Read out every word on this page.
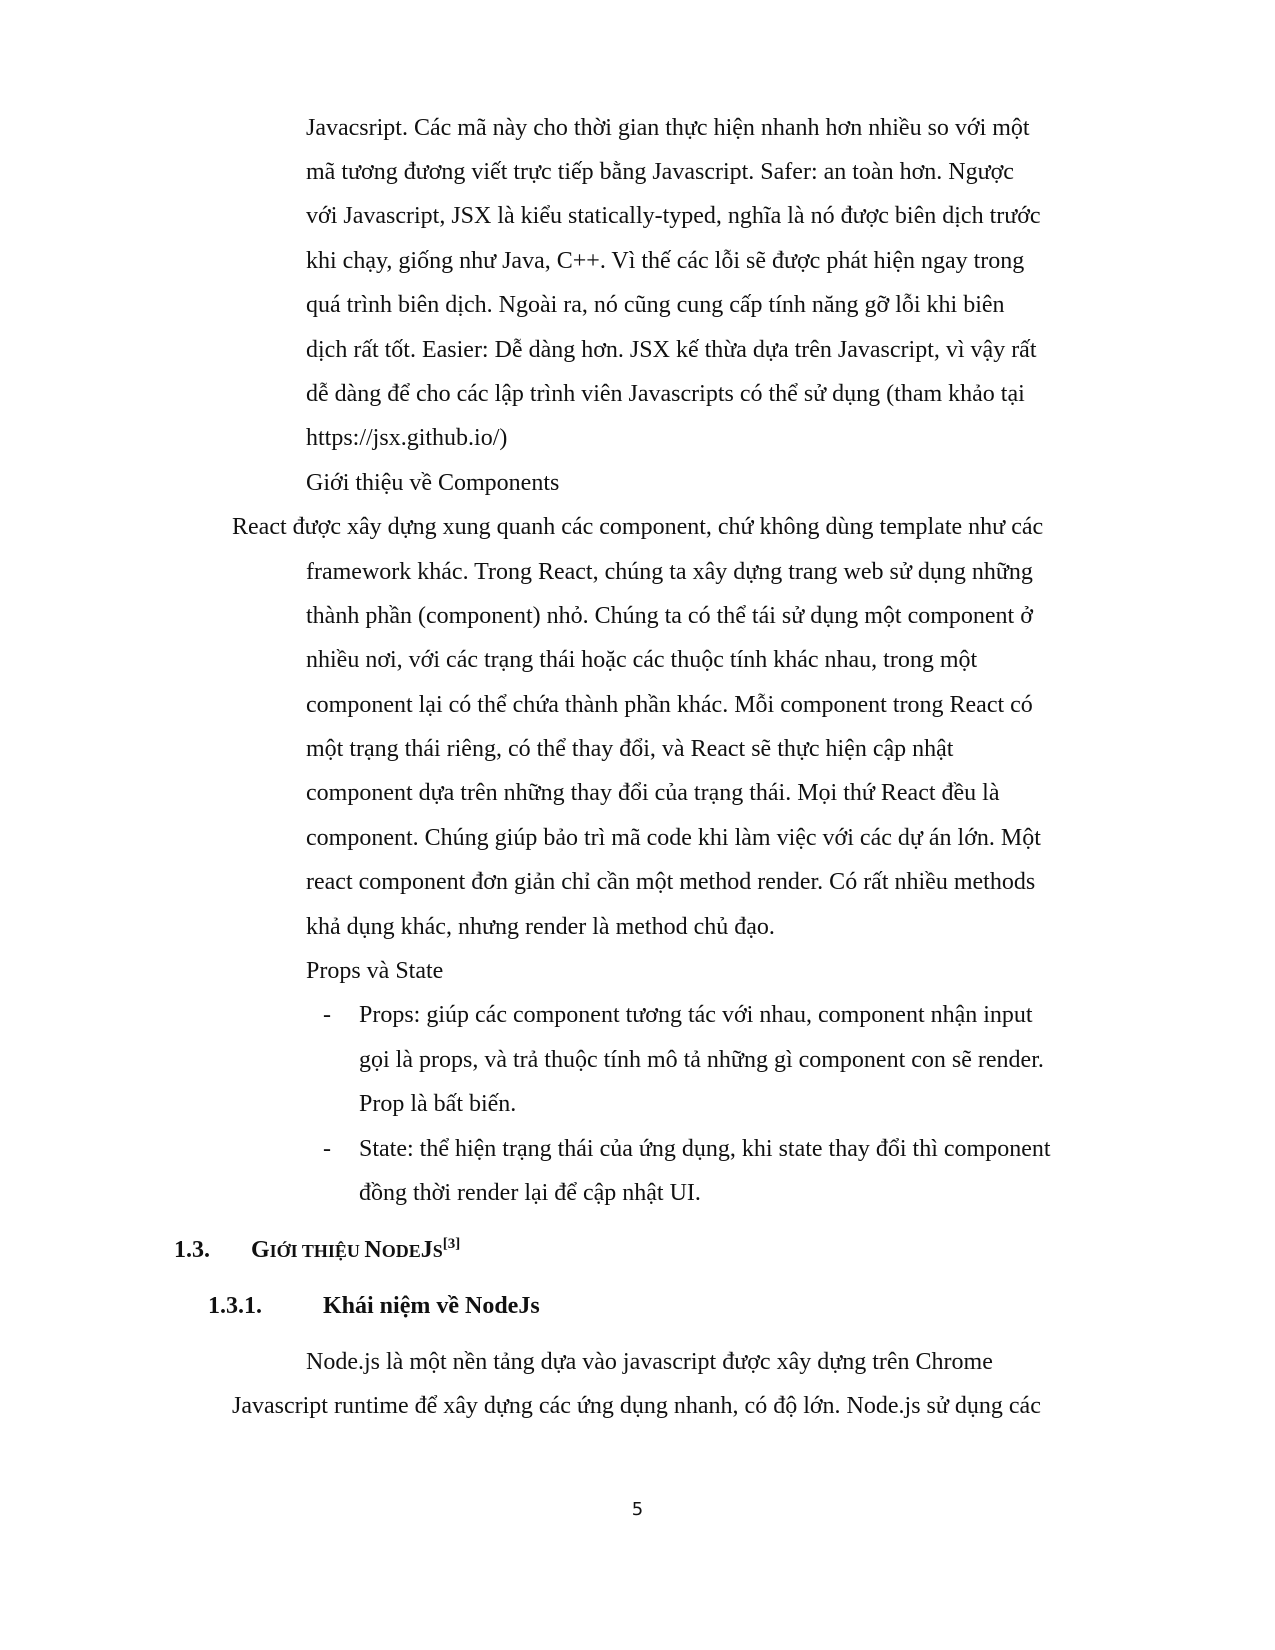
Javacsript. Các mã này cho thời gian thực hiện nhanh hơn nhiều so với một

mã tương đương viết trực tiếp bằng Javascript. Safer: an toàn hơn. Ngược

với Javascript, JSX là kiểu statically-typed, nghĩa là nó được biên dịch trước

khi chạy, giống như Java, C++. Vì thế các lỗi sẽ được phát hiện ngay trong

quá trình biên dịch. Ngoài ra, nó cũng cung cấp tính năng gỡ lỗi khi biên

dịch rất tốt. Easier: Dễ dàng hơn. JSX kế thừa dựa trên Javascript, vì vậy rất

dễ dàng để cho các lập trình viên Javascripts có thể sử dụng (tham khảo tại

https://jsx.github.io/)

Giới thiệu về Components

React được xây dựng xung quanh các component, chứ không dùng template như các

framework khác. Trong React, chúng ta xây dựng trang web sử dụng những

thành phần (component) nhỏ. Chúng ta có thể tái sử dụng một component ở

nhiều nơi, với các trạng thái hoặc các thuộc tính khác nhau, trong một

component lại có thể chứa thành phần khác. Mỗi component trong React có

một trạng thái riêng, có thể thay đổi, và React sẽ thực hiện cập nhật

component dựa trên những thay đổi của trạng thái. Mọi thứ React đều là

component. Chúng giúp bảo trì mã code khi làm việc với các dự án lớn. Một

react component đơn giản chỉ cần một method render. Có rất nhiều methods

khả dụng khác, nhưng render là method chủ đạo.

Props và State

- Props: giúp các component tương tác với nhau, component nhận input

gọi là props, và trả thuộc tính mô tả những gì component con sẽ render.

Prop là bất biến.

- State: thể hiện trạng thái của ứng dụng, khi state thay đổi thì component

đồng thời render lại để cập nhật UI.

1.3. GIỚI THIỆU NODEJS[3]

1.3.1.	Khái niệm về NodeJs

Node.js là một nền tảng dựa vào javascript được xây dựng trên Chrome

Javascript runtime để xây dựng các ứng dụng nhanh, có độ lớn. Node.js sử dụng các

5
